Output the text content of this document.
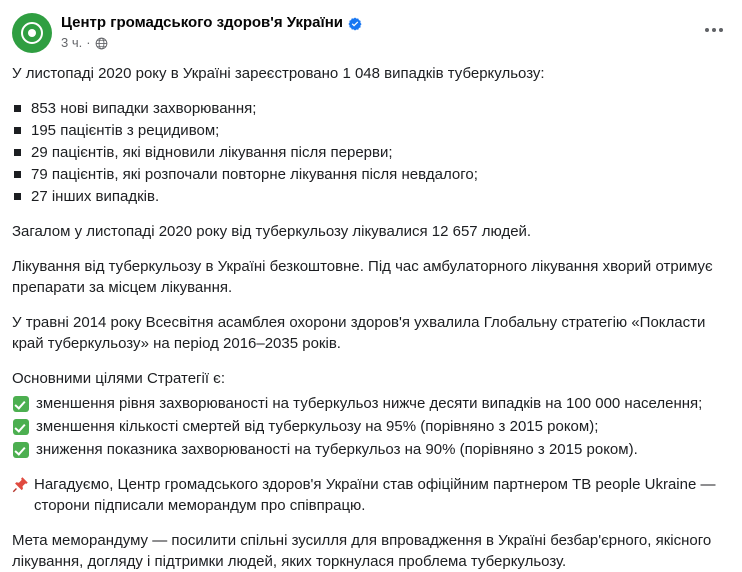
Центр громадського здоров'я України
3 ч. ·

У листопаді 2020 року в Україні зареєстровано 1 048 випадків туберкульозу:

853 нові випадки захворювання;
195 пацієнтів з рецидивом;
29 пацієнтів, які відновили лікування після перерви;
79 пацієнтів, які розпочали повторне лікування після невдалого;
27 інших випадків.

Загалом у листопаді 2020 року від туберкульозу лікувалися 12 657 людей.

Лікування від туберкульозу в Україні безкоштовне. Під час амбулаторного лікування хворий отримує препарати за місцем лікування.

У травні 2014 року Всесвітня асамблея охорони здоров'я ухвалила Глобальну стратегію «Покласти край туберкульозу» на період 2016–2035 років.

Основними цілями Стратегії є:

зменшення рівня захворюваності на туберкульоз нижче десяти випадків на 100 000 населення;
зменшення кількості смертей від туберкульозу на 95% (порівняно з 2015 роком);
зниження показника захворюваності на туберкульоз на 90% (порівняно з 2015 роком).

Нагадуємо, Центр громадського здоров'я України став офіційним партнером ТВ people Ukraine — сторони підписали меморандум про співпрацю.

Мета меморандуму — посилити спільні зусилля для впровадження в Україні безбар'єрного, якісного лікування, догляду і підтримки людей, яких торкнулася проблема туберкульозу.
